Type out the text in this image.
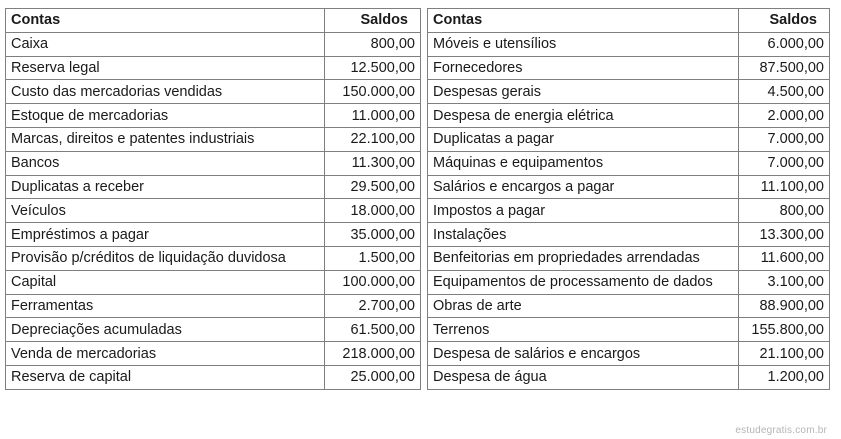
Contas	Saldos
Caixa	800,00
Reserva legal	12.500,00
Custo das mercadorias vendidas	150.000,00
Estoque de mercadorias	11.000,00
Marcas, direitos e patentes industriais	22.100,00
Bancos	11.300,00
Duplicatas a receber	29.500,00
Veículos	18.000,00
Empréstimos a pagar	35.000,00
Provisão p/créditos de liquidação duvidosa	1.500,00
Capital	100.000,00
Ferramentas	2.700,00
Depreciações acumuladas	61.500,00
Venda de mercadorias	218.000,00
Reserva de capital	25.000,00
Contas	Saldos
Móveis e utensílios	6.000,00
Fornecedores	87.500,00
Despesas gerais	4.500,00
Despesa de energia elétrica	2.000,00
Duplicatas a pagar	7.000,00
Máquinas e equipamentos	7.000,00
Salários e encargos a pagar	11.100,00
Impostos a pagar	800,00
Instalações	13.300,00
Benfeitorias em propriedades arrendadas	11.600,00
Equipamentos de processamento de dados	3.100,00
Obras de arte	88.900,00
Terrenos	155.800,00
Despesa de salários e encargos	21.100,00
Despesa de água	1.200,00
estudegratis.com.br
